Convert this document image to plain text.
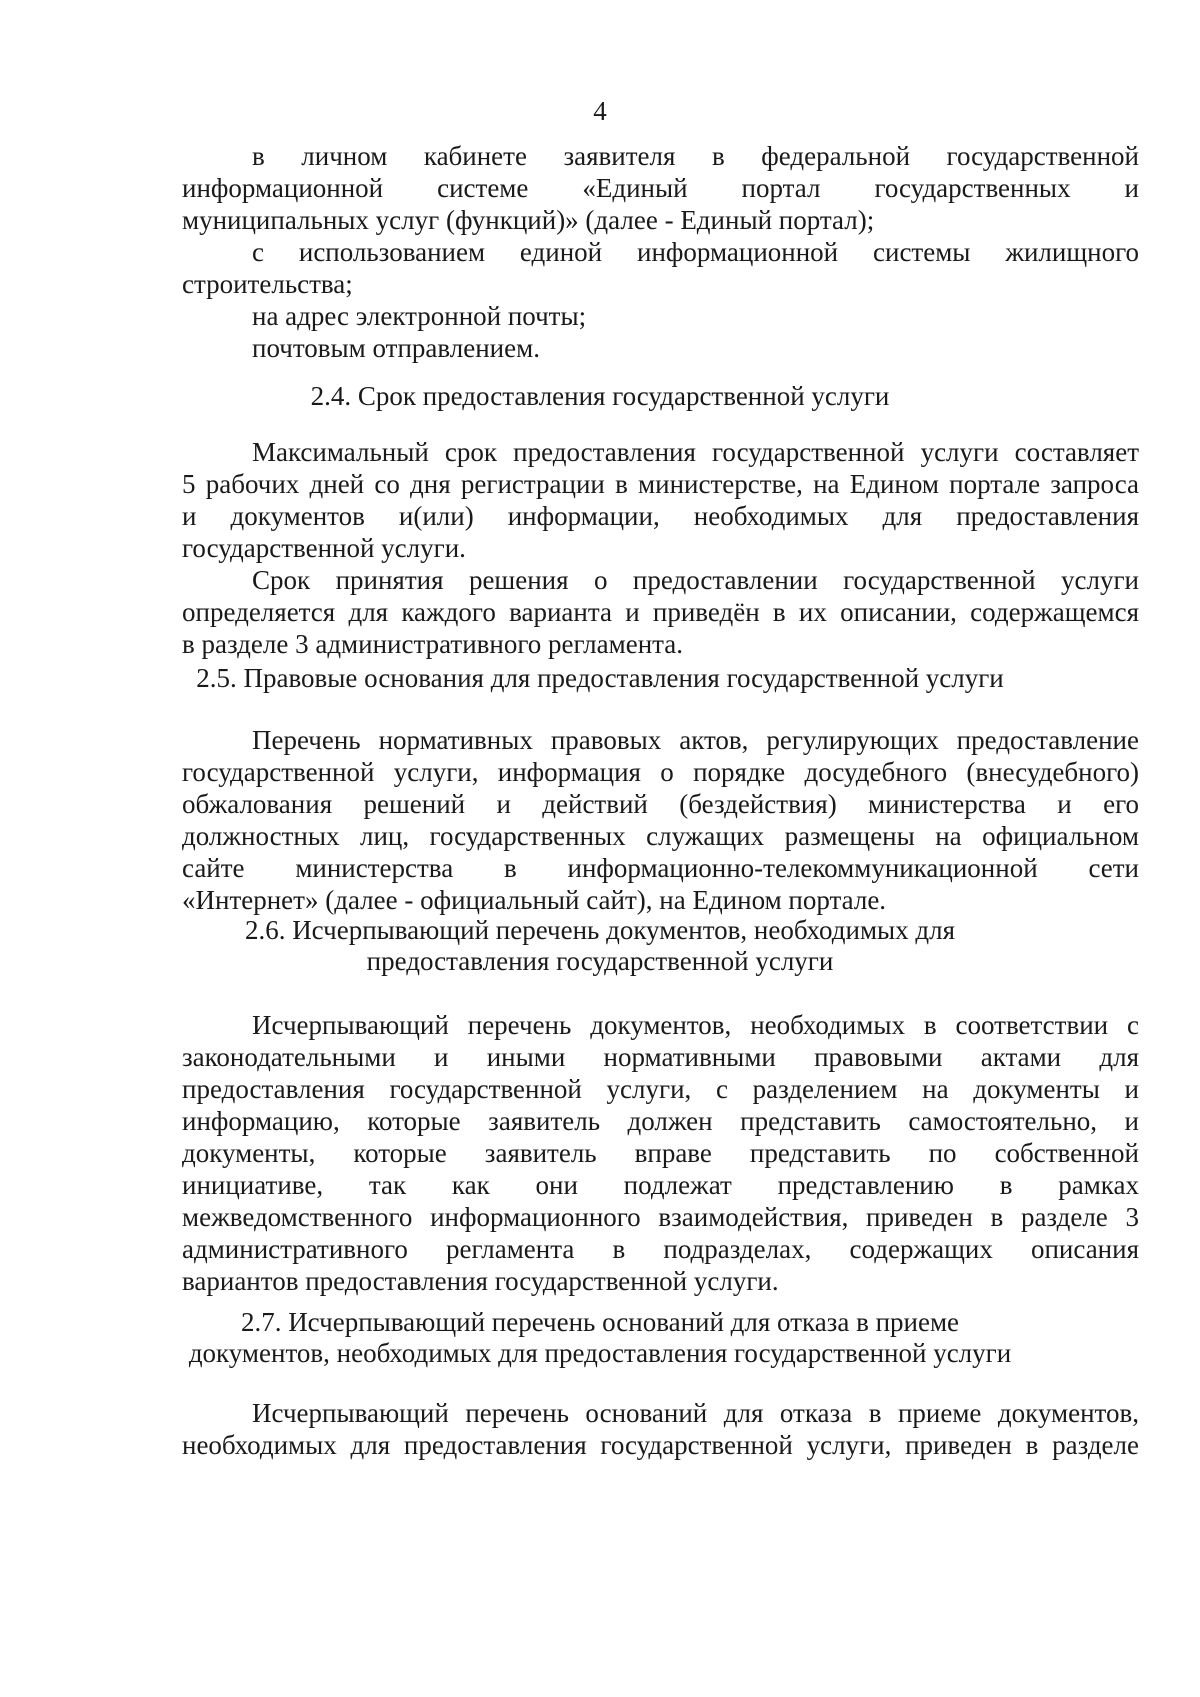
4

в личном кабинете заявителя в федеральной государственной

информационной системе «Единый портал государственных и

муниципальных услуг (функций)» (далее - Единый портал);

с использованием единой информационной системы жилищного

строительства;

на адрес электронной почты;

почтовым отправлением.

2.4. Срок предоставления государственной услуги

Максимальный срок предоставления государственной услуги составляет

5 рабочих дней со дня регистрации в министерстве, на Едином портале запроса

и документов и(или) информации, необходимых для предоставления

государственной услуги.

Срок принятия решения о предоставлении государственной услуги

определяется для каждого варианта и приведён в их описании, содержащемся

в разделе 3 административного регламента.

2.5. Правовые основания для предоставления государственной услуги

Перечень нормативных правовых актов, регулирующих предоставление

государственной услуги, информация о порядке досудебного (внесудебного)

обжалования решений и действий (бездействия) министерства и его

должностных лиц, государственных служащих размещены на официальном

сайте министерства в информационно-телекоммуникационной сети

«Интернет» (далее - официальный сайт), на Едином портале.

2.6. Исчерпывающий перечень документов, необходимых для

предоставления государственной услуги

Исчерпывающий перечень документов, необходимых в соответствии с

законодательными и иными нормативными правовыми актами для

предоставления государственной услуги, с разделением на документы и

информацию, которые заявитель должен представить самостоятельно, и

документы, которые заявитель вправе представить по собственной

инициативе, так как они подлежат представлению в рамках

межведомственного информационного взаимодействия, приведен в разделе 3

административного регламента в подразделах, содержащих описания

вариантов предоставления государственной услуги.

2.7. Исчерпывающий перечень оснований для отказа в приеме

документов, необходимых для предоставления государственной услуги

Исчерпывающий перечень оснований для отказа в приеме документов,

необходимых для предоставления государственной услуги, приведен в разделе
